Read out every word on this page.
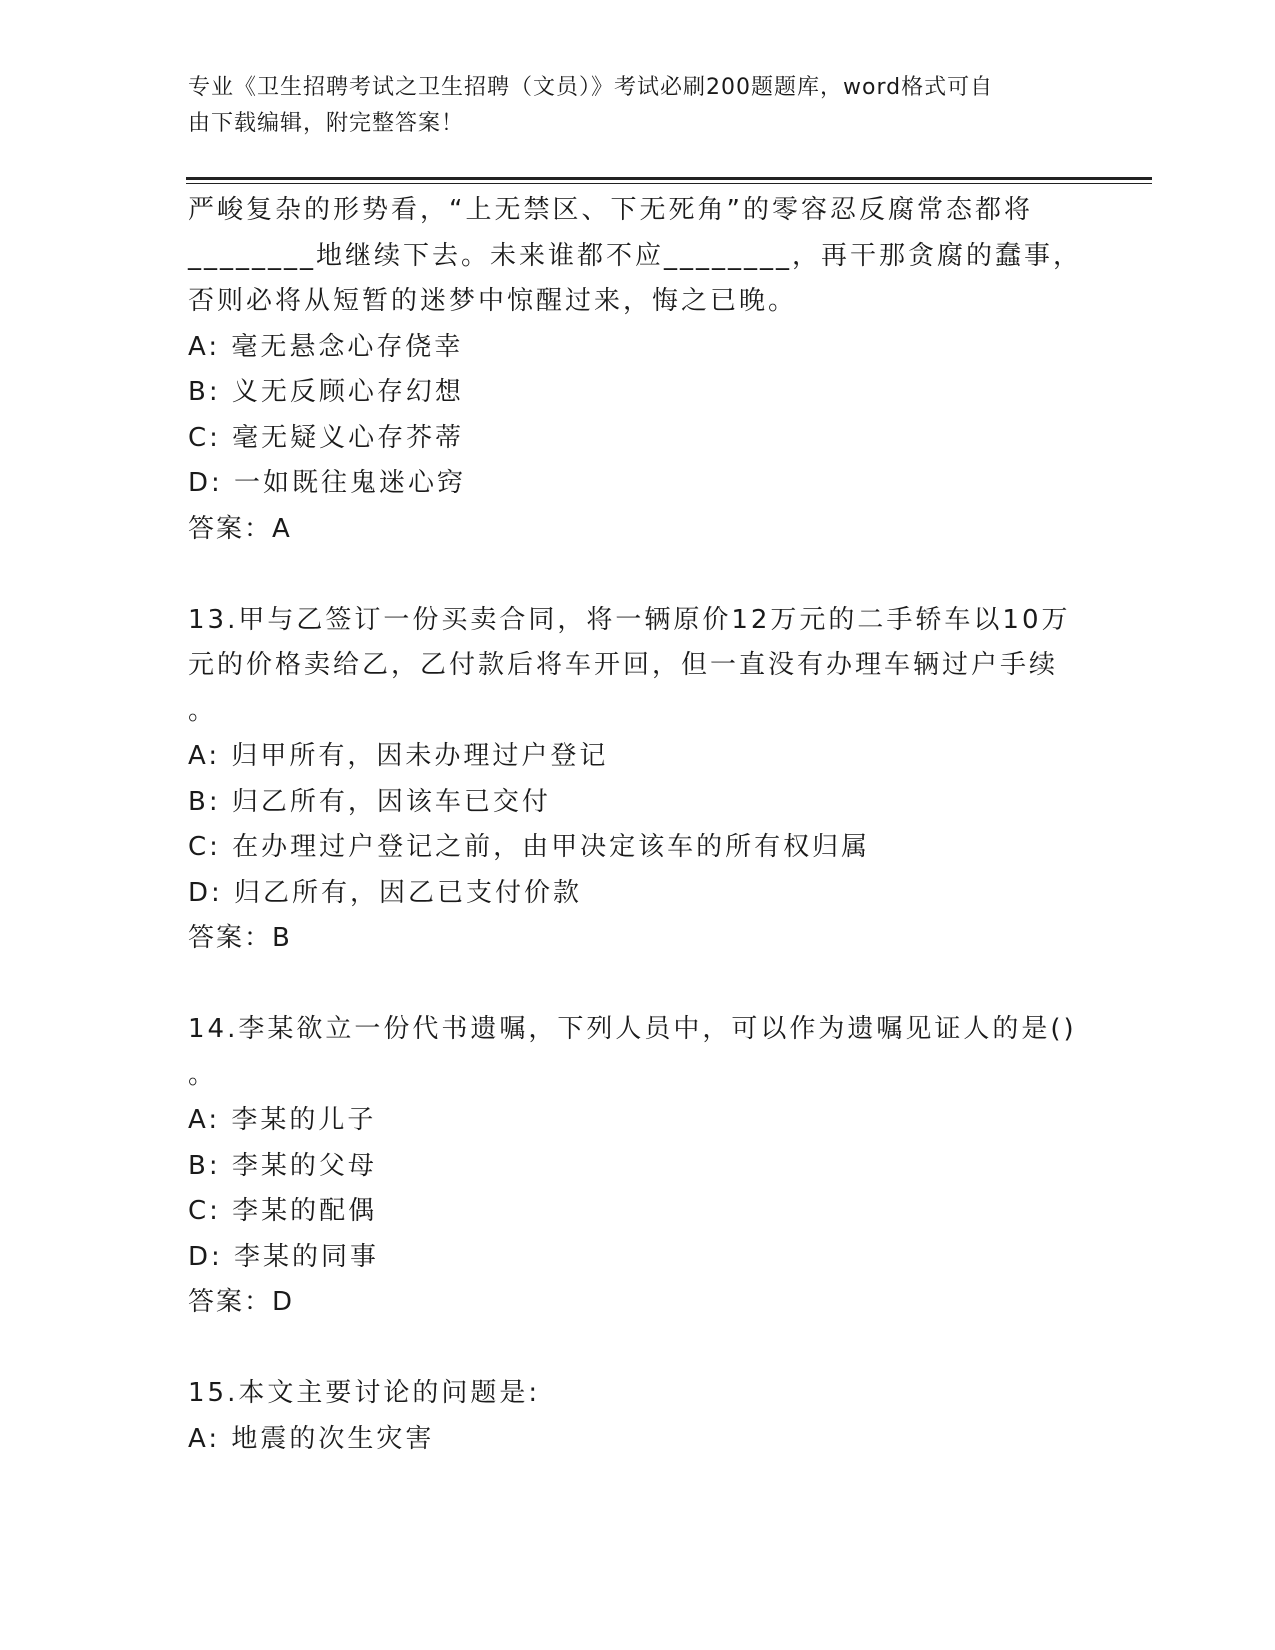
专业《卫生招聘考试之卫生招聘（文员）》考试必刷200题题库，word格式可自
由下载编辑，附完整答案！
严峻复杂的形势看，“上无禁区、下无死角”的零容忍反腐常态都将
________地继续下去。未来谁都不应________，再干那贪腐的蠢事，
否则必将从短暂的迷梦中惊醒过来，悔之已晚。
A: 毫无悬念心存侥幸
B: 义无反顾心存幻想
C: 毫无疑义心存芥蒂
D: 一如既往鬼迷心窍
答案：A
13.甲与乙签订一份买卖合同，将一辆原价12万元的二手轿车以10万
元的价格卖给乙，乙付款后将车开回，但一直没有办理车辆过户手续
。
A: 归甲所有，因未办理过户登记
B: 归乙所有，因该车已交付
C: 在办理过户登记之前，由甲决定该车的所有权归属
D: 归乙所有，因乙已支付价款
答案：B
14.李某欲立一份代书遗嘱，下列人员中，可以作为遗嘱见证人的是()
。
A: 李某的儿子
B: 李某的父母
C: 李某的配偶
D: 李某的同事
答案：D
15.本文主要讨论的问题是:
A: 地震的次生灾害
